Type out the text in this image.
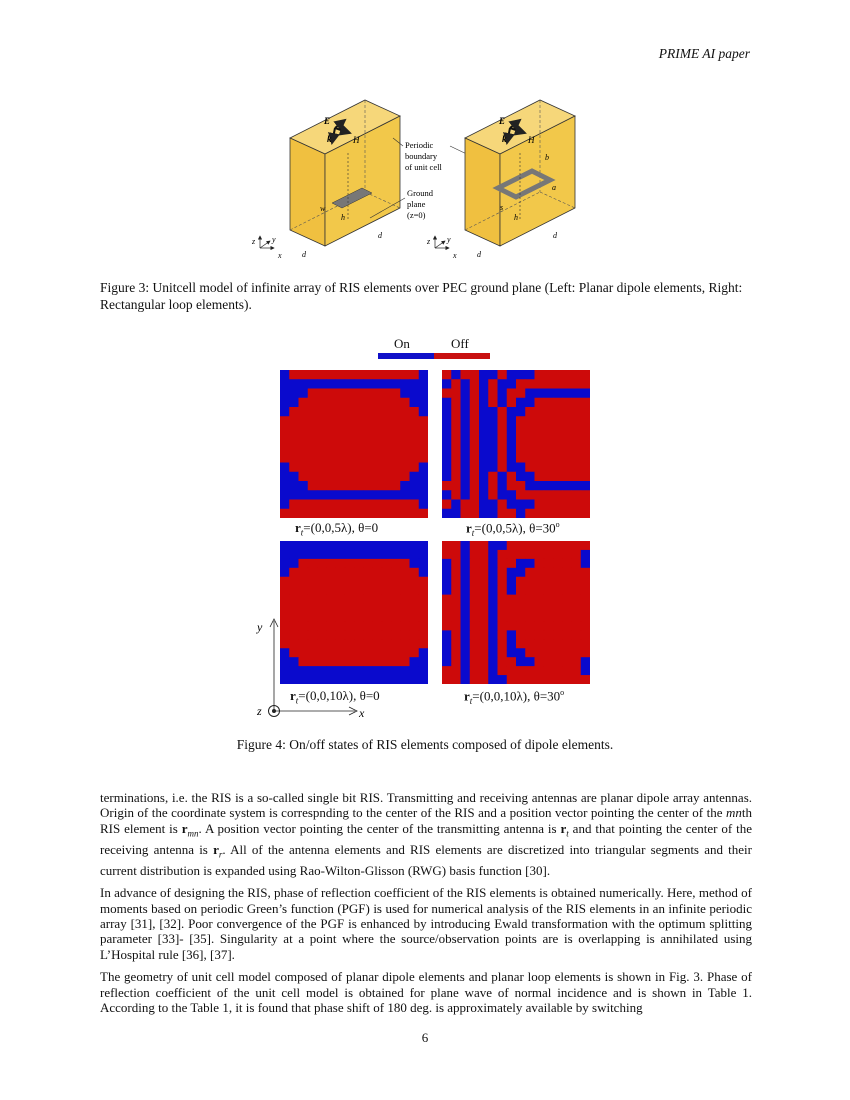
PRIME AI paper
E
k H
h
w
d
d
z y
x
Periodic
boundary
of unit cell
Ground
plane
(z=0)
E
k H
b
a
s
h
d
d
z y
x
Figure 3: Unitcell model of infinite array of RIS elements over PEC ground plane (Left: Planar dipole elements, Right: Rectangular loop elements).
On	Off
$r_t=(0,0,5\lambda)$, θ=0	$r_t=(0,0,5\lambda)$, $\theta=30^o$
$r_t=(0,0,10\lambda)$, θ=0	$r_t=(0,0,10\lambda)$, $\theta=30^o$
y
x
z
Figure 4: On/off states of RIS elements composed of dipole elements.

terminations, i.e. the RIS is a so-called single bit RIS. Transmitting and receiving antennas are planar dipole array antennas. Origin of the coordinate system is correspnding to the center of the RIS and a position vector pointing the center of the mnth RIS element is $r_{mn}$. A position vector pointing the center of the transmitting antenna is $r_t$ and that pointing the center of the receiving antenna is $r_r$. All of the antenna elements and RIS elements are discretized into triangular segments and their current distribution is expanded using Rao-Wilton-Glisson (RWG) basis function [30].

In advance of designing the RIS, phase of reflection coefficient of the RIS elements is obtained numerically. Here, method of moments based on periodic Green’s function (PGF) is used for numerical analysis of the RIS elements in an infinite periodic array [31], [32]. Poor convergence of the PGF is enhanced by introducing Ewald transformation with the optimum splitting parameter [33]- [35]. Singularity at a point where the source/observation points are is overlapping is annihilated using L’Hospital rule [36], [37].

The geometry of unit cell model composed of planar dipole elements and planar loop elements is shown in Fig. 3. Phase of reflection coefficient of the unit cell model is obtained for plane wave of normal incidence and is shown in Table 1. According to the Table 1, it is found that phase shift of 180 deg. is approximately available by switching

6
